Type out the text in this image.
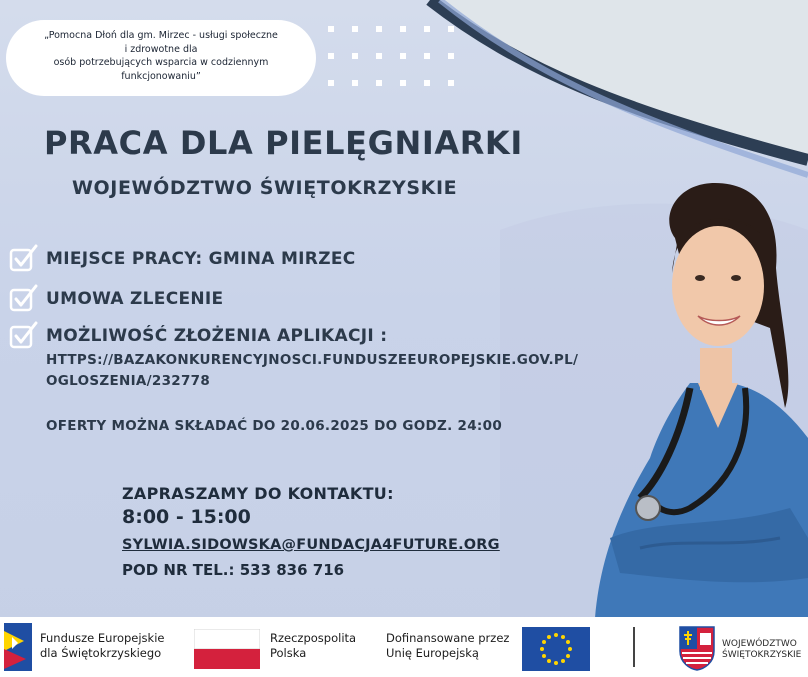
„Pomocna Dłoń dla gm. Mirzec - usługi społeczne
i zdrowotne dla
osób potrzebujących wsparcia w codziennym
funkcjonowaniu”
PRACA DLA PIELĘGNIARKI
WOJEWÓDZTWO ŚWIĘTOKRZYSKIE
MIEJSCE PRACY: GMINA MIRZEC
UMOWA ZLECENIE
MOŻLIWOŚĆ ZŁOŻENIA APLIKACJI :
HTTPS://BAZAKONKURENCYJNOSCI.FUNDUSZEEUROPEJSKIE.GOV.PL/
OGLOSZENIA/232778
OFERTY MOŻNA SKŁADAĆ DO 20.06.2025 DO GODZ. 24:00
ZAPRASZAMY DO KONTAKTU:
8:00 - 15:00
SYLWIA.SIDOWSKA@FUNDACJA4FUTURE.ORG
POD NR TEL.: 533 836 716
Fundusze Europejskie
dla Świętokrzyskiego
Rzeczpospolita
Polska
Dofinansowane przez
Unię Europejską
WOJEWÓDZTWO
ŚWIĘTOKRZYSKIE
